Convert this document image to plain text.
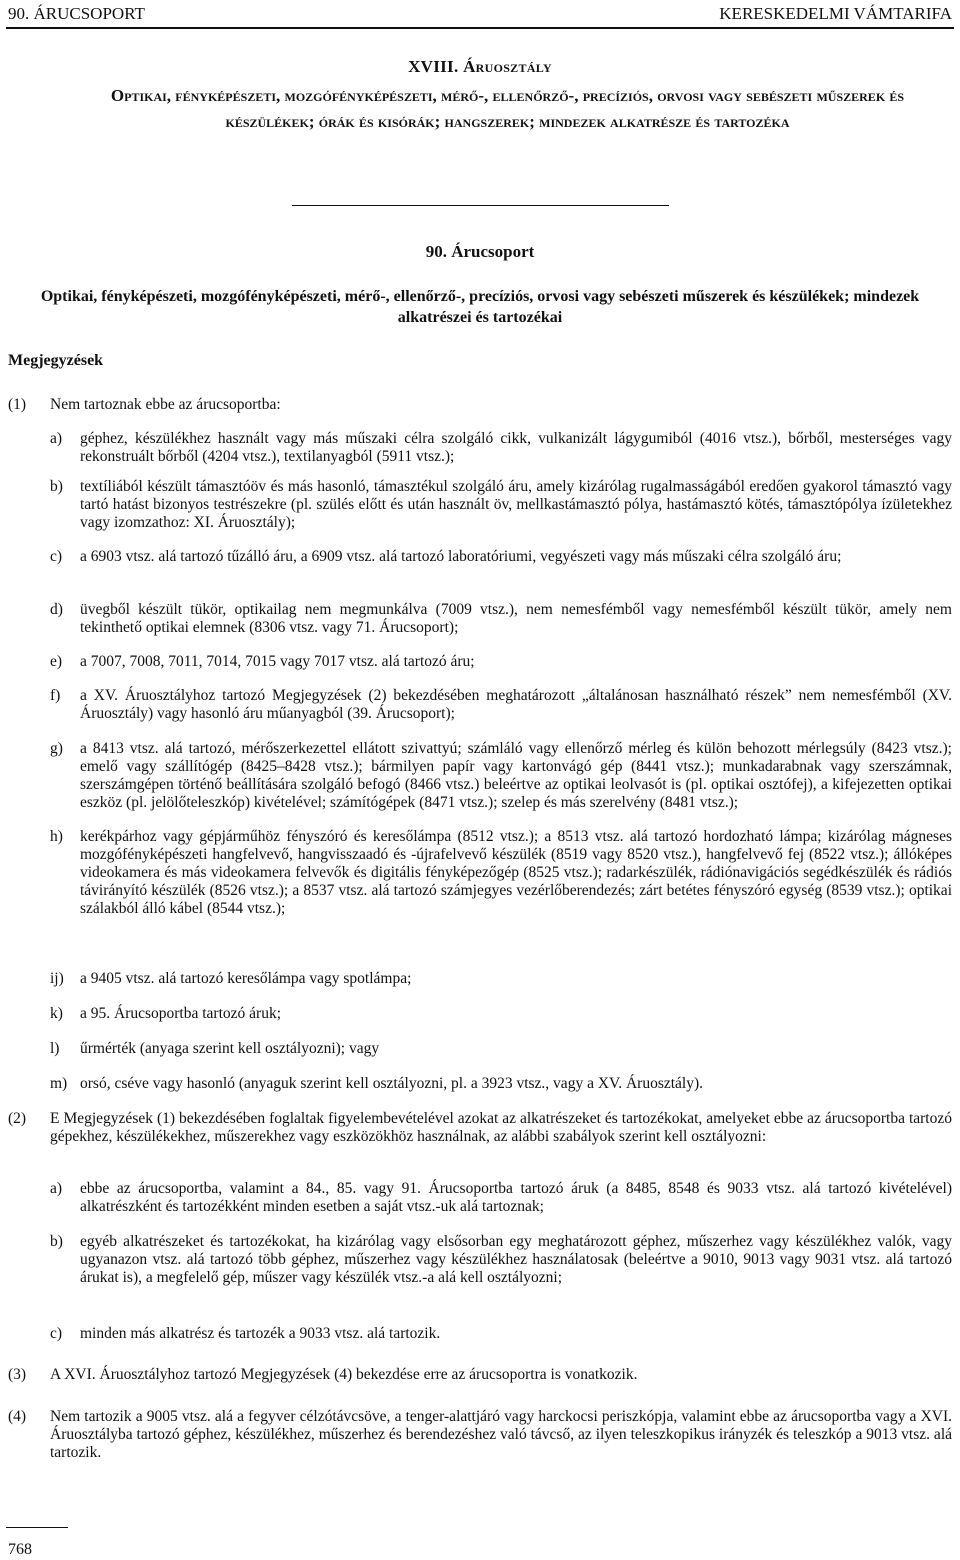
90. ÁRUCSOPORT	KERESKEDELMI VÁMTARIFA
XVIII. Áruosztály
Optikai, fényképészeti, mozgófényképészeti, mérő-, ellenőrző-, precíziós, orvosi vagy sebészeti műszerek és készülékek; órák és kisórák; hangszerek; mindezek alkatrésze és tartozéka
90. Árucsoport
Optikai, fényképészeti, mozgófényképészeti, mérő-, ellenőrző-, precíziós, orvosi vagy sebészeti műszerek és készülékek; mindezek alkatrészei és tartozékai
Megjegyzések
(1) Nem tartoznak ebbe az árucsoportba:
a) géphez, készülékhez használt vagy más műszaki célra szolgáló cikk, vulkanizált lágygumiból (4016 vtsz.), bőrből, mesterséges vagy rekonstruált bőrből (4204 vtsz.), textilanyagból (5911 vtsz.);
b) textíliából készült támasztóöv és más hasonló, támasztékul szolgáló áru, amely kizárólag rugalmasságából eredően gyakorol támasztó vagy tartó hatást bizonyos testrészekre (pl. szülés előtt és után használt öv, mellkastámasztó pólya, hastámasztó kötés, támasztópólya ízületekhez vagy izomzathoz: XI. Áruosztály);
c) a 6903 vtsz. alá tartozó tűzálló áru, a 6909 vtsz. alá tartozó laboratóriumi, vegyészeti vagy más műszaki célra szolgáló áru;
d) üvegből készült tükör, optikailag nem megmunkálva (7009 vtsz.), nem nemesfémből vagy nemesfémből készült tükör, amely nem tekinthető optikai elemnek (8306 vtsz. vagy 71. Árucsoport);
e) a 7007, 7008, 7011, 7014, 7015 vagy 7017 vtsz. alá tartozó áru;
f) a XV. Áruosztályhoz tartozó Megjegyzések (2) bekezdésében meghatározott „általánosan használható részek” nem nemesfémből (XV. Áruosztály) vagy hasonló áru műanyagból (39. Árucsoport);
g) a 8413 vtsz. alá tartozó, mérőszerkezettel ellátott szivattyú; számláló vagy ellenőrző mérleg és külön behozott mérlegsúly (8423 vtsz.); emelő vagy szállítógép (8425–8428 vtsz.); bármilyen papír vagy kartonvágó gép (8441 vtsz.); munkadarabnak vagy szerszámnak, szerszámgépen történő beállítására szolgáló befogó (8466 vtsz.) beleértve az optikai leolvasót is (pl. optikai osztófej), a kifejezetten optikai eszköz (pl. jelölőteleszkóp) kivételével; számítógépek (8471 vtsz.); szelep és más szerelvény (8481 vtsz.);
h) kerékpárhoz vagy gépjárműhöz fényszóró és keresőlámpa (8512 vtsz.); a 8513 vtsz. alá tartozó hordozható lámpa; kizárólag mágneses mozgófényképészeti hangfelvevő, hangvisszaadó és -újrafelvevő készülék (8519 vagy 8520 vtsz.), hangfelvevő fej (8522 vtsz.); állóképes videokamera és más videokamera felvevők és digitális fényképezőgép (8525 vtsz.); radarkészülék, rádiónavigációs segédkészülék és rádiós távirányító készülék (8526 vtsz.); a 8537 vtsz. alá tartozó számjegyes vezérlőberendezés; zárt betétes fényszóró egység (8539 vtsz.); optikai szálakból álló kábel (8544 vtsz.);
ij) a 9405 vtsz. alá tartozó keresőlámpa vagy spotlámpa;
k) a 95. Árucsoportba tartozó áruk;
l) űrmérték (anyaga szerint kell osztályozni); vagy
m) orsó, cséve vagy hasonló (anyaguk szerint kell osztályozni, pl. a 3923 vtsz., vagy a XV. Áruosztály).
(2) E Megjegyzések (1) bekezdésében foglaltak figyelembevételével azokat az alkatrészeket és tartozékokat, amelyeket ebbe az árucsoportba tartozó gépekhez, készülékekhez, műszerekhez vagy eszközökhöz használnak, az alábbi szabályok szerint kell osztályozni:
a) ebbe az árucsoportba, valamint a 84., 85. vagy 91. Árucsoportba tartozó áruk (a 8485, 8548 és 9033 vtsz. alá tartozó kivételével) alkatrészként és tartozékként minden esetben a saját vtsz.-uk alá tartoznak;
b) egyéb alkatrészeket és tartozékokat, ha kizárólag vagy elsősorban egy meghatározott géphez, műszerhez vagy készülékhez valók, vagy ugyanazon vtsz. alá tartozó több géphez, műszerhez vagy készülékhez használatosak (beleértve a 9010, 9013 vagy 9031 vtsz. alá tartozó árukat is), a megfelelő gép, műszer vagy készülék vtsz.-a alá kell osztályozni;
c) minden más alkatrész és tartozék a 9033 vtsz. alá tartozik.
(3) A XVI. Áruosztályhoz tartozó Megjegyzések (4) bekezdése erre az árucsoportra is vonatkozik.
(4) Nem tartozik a 9005 vtsz. alá a fegyver célzótávcsöve, a tenger-alattjáró vagy harckocsi periszkópja, valamint ebbe az árucsoportba vagy a XVI. Áruosztályba tartozó géphez, készülékhez, műszerhez és berendezéshez való távcső, az ilyen teleszkopikus irányzék és teleszkóp a 9013 vtsz. alá tartozik.
768
